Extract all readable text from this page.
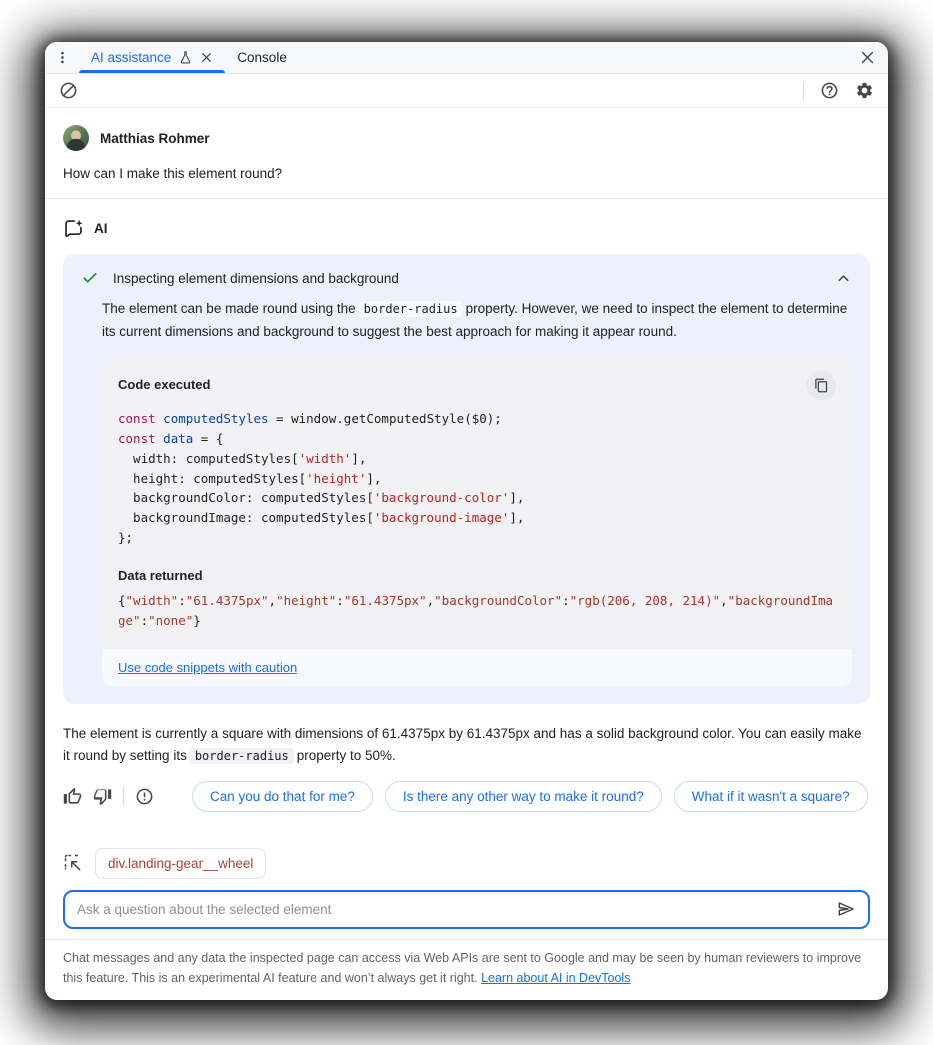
AI assistance	Console
Matthias Rohmer
How can I make this element round?
AI
Inspecting element dimensions and background
The element can be made round using the border-radius property. However, we need to inspect the element to determine its current dimensions and background to suggest the best approach for making it appear round.
Code executed
const computedStyles = window.getComputedStyle($0);
const data = {
width: computedStyles['width'],
height: computedStyles['height'],
backgroundColor: computedStyles['background-color'],
backgroundImage: computedStyles['background-image'],
};
Data returned
{"width":"61.4375px","height":"61.4375px","backgroundColor":"rgb(206, 208, 214)","backgroundImage":"none"}
Use code snippets with caution
The element is currently a square with dimensions of 61.4375px by 61.4375px and has a solid background color. You can easily make it round by setting its border-radius property to 50%.
Can you do that for me?	Is there any other way to make it round?	What if it wasn't a square?
div.landing-gear__wheel
Ask a question about the selected element
Chat messages and any data the inspected page can access via Web APIs are sent to Google and may be seen by human reviewers to improve this feature. This is an experimental AI feature and won’t always get it right. Learn about AI in DevTools
